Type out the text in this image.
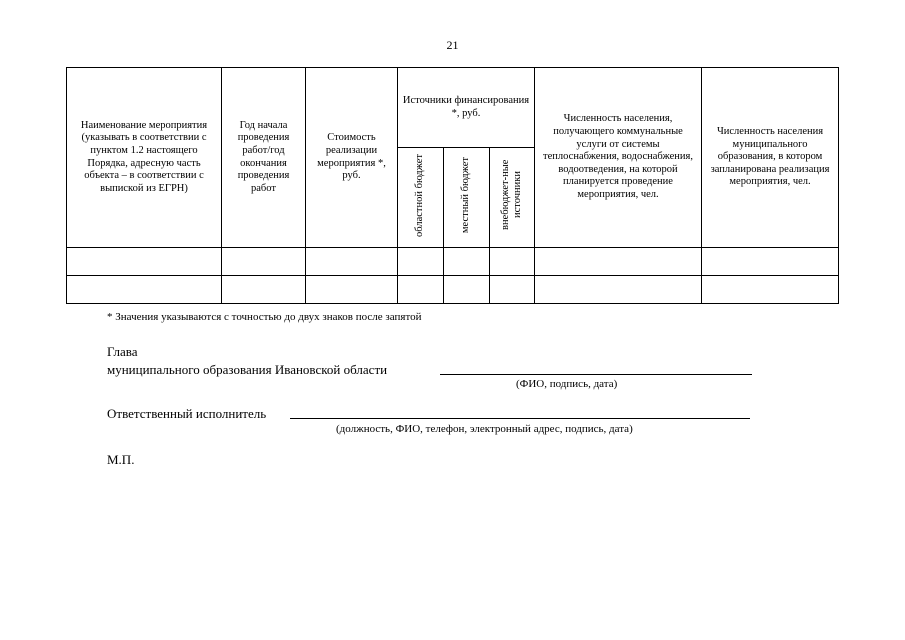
21
Наименование мероприятия (указывать в соответствии с пунктом 1.2 настоящего Порядка, адресную часть объекта – в соответствии с выпиской из ЕГРН)	Год начала проведения работ/год окончания проведения работ	Стоимость реализации мероприятия *, руб.	Источники финансирования *, руб.			Численность населения, получающего коммунальные услуги от системы теплоснабжения, водоснабжения, водоотведения, на которой планируется проведение мероприятия, чел.	Численность населения муниципального образования, в котором запланирована реализация мероприятия, чел.
			областной бюджет	местный бюджет	внебюджет-ные источники		

* Значения указываются с точностью до двух знаков после запятой
Глава
муниципального образования Ивановской области
(ФИО, подпись, дата)
Ответственный исполнитель
(должность, ФИО, телефон, электронный адрес, подпись, дата)
М.П.
